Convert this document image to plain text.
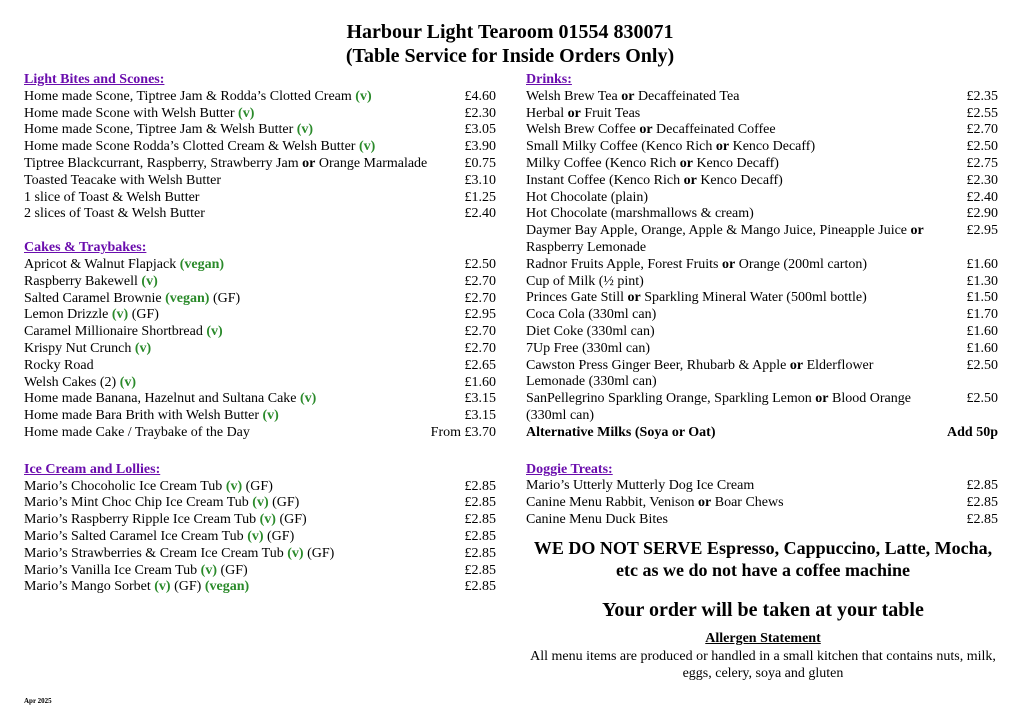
Harbour Light Tearoom 01554 830071
(Table Service for Inside Orders Only)
Light Bites and Scones:
Home made Scone, Tiptree Jam & Rodda’s Clotted Cream (v)	£4.60
Home made Scone with Welsh Butter (v)	£2.30
Home made Scone, Tiptree Jam & Welsh Butter (v)	£3.05
Home made Scone Rodda’s Clotted Cream & Welsh Butter (v)	£3.90
Tiptree Blackcurrant, Raspberry, Strawberry Jam or Orange Marmalade	£0.75
Toasted Teacake with Welsh Butter	£3.10
1 slice of Toast & Welsh Butter	£1.25
2 slices of Toast & Welsh Butter	£2.40
Cakes & Traybakes:
Apricot & Walnut Flapjack (vegan)	£2.50
Raspberry Bakewell (v)	£2.70
Salted Caramel Brownie (vegan) (GF)	£2.70
Lemon Drizzle (v) (GF)	£2.95
Caramel Millionaire Shortbread (v)	£2.70
Krispy Nut Crunch (v)	£2.70
Rocky Road	£2.65
Welsh Cakes (2) (v)	£1.60
Home made Banana, Hazelnut and Sultana Cake (v)	£3.15
Home made Bara Brith with Welsh Butter (v)	£3.15
Home made Cake / Traybake of the Day	From £3.70
Ice Cream and Lollies:
Mario’s Chocoholic Ice Cream Tub (v) (GF)	£2.85
Mario’s Mint Choc Chip Ice Cream Tub (v) (GF)	£2.85
Mario’s Raspberry Ripple Ice Cream Tub (v) (GF)	£2.85
Mario’s Salted Caramel Ice Cream Tub (v) (GF)	£2.85
Mario’s Strawberries & Cream Ice Cream Tub (v) (GF)	£2.85
Mario’s Vanilla Ice Cream Tub (v) (GF)	£2.85
Mario’s Mango Sorbet (v) (GF) (vegan)	£2.85
Drinks:
Welsh Brew Tea or Decaffeinated Tea	£2.35
Herbal or Fruit Teas	£2.55
Welsh Brew Coffee or Decaffeinated Coffee	£2.70
Small Milky Coffee (Kenco Rich or Kenco Decaff)	£2.50
Milky Coffee (Kenco Rich or Kenco Decaff)	£2.75
Instant Coffee (Kenco Rich or Kenco Decaff)	£2.30
Hot Chocolate (plain)	£2.40
Hot Chocolate (marshmallows & cream)	£2.90
Daymer Bay Apple, Orange, Apple & Mango Juice, Pineapple Juice or Raspberry Lemonade
£2.95
Radnor Fruits Apple, Forest Fruits or Orange (200ml carton)	£1.60
Cup of Milk (½ pint)	£1.30
Princes Gate Still or Sparkling Mineral Water (500ml bottle)	£1.50
Coca Cola (330ml can)	£1.70
Diet Coke (330ml can)	£1.60
7Up Free (330ml can)	£1.60
Cawston Press Ginger Beer, Rhubarb & Apple or Elderflower Lemonade (330ml can)
£2.50
SanPellegrino Sparkling Orange, Sparkling Lemon or Blood Orange (330ml can)
£2.50
Alternative Milks (Soya or Oat)	Add 50p
Doggie Treats:
Mario’s Utterly Mutterly Dog Ice Cream	£2.85
Canine Menu Rabbit, Venison or Boar Chews	£2.85
Canine Menu Duck Bites	£2.85
WE DO NOT SERVE Espresso, Cappuccino, Latte, Mocha, etc as we do not have a coffee machine
Your order will be taken at your table
Allergen Statement
All menu items are produced or handled in a small kitchen that contains nuts, milk, eggs, celery, soya and gluten
Apr 2025
